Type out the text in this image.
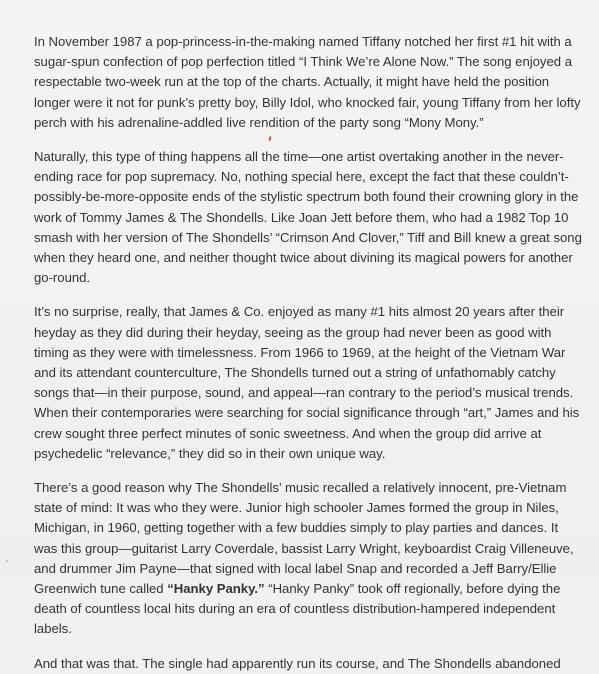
In November 1987 a pop-princess-in-the-making named Tiffany notched her first #1 hit with a sugar-spun confection of pop perfection titled “I Think We’re Alone Now.” The song enjoyed a respectable two-week run at the top of the charts. Actually, it might have held the position longer were it not for punk’s pretty boy, Billy Idol, who knocked fair, young Tiffany from her lofty perch with his adrenaline-addled live rendition of the party song “Mony Mony.”

Naturally, this type of thing happens all the time—one artist overtaking another in the never-ending race for pop supremacy. No, nothing special here, except the fact that these couldn’t-possibly-be-more-opposite ends of the stylistic spectrum both found their crowning glory in the work of Tommy James & The Shondells. Like Joan Jett before them, who had a 1982 Top 10 smash with her version of The Shondells’ “Crimson And Clover,” Tiff and Bill knew a great song when they heard one, and neither thought twice about divining its magical powers for another go-round.

It’s no surprise, really, that James & Co. enjoyed as many #1 hits almost 20 years after their heyday as they did during their heyday, seeing as the group had never been as good with timing as they were with timelessness. From 1966 to 1969, at the height of the Vietnam War and its attendant counterculture, The Shondells turned out a string of unfathomably catchy songs that—in their purpose, sound, and appeal—ran contrary to the period’s musical trends. When their contemporaries were searching for social significance through “art,” James and his crew sought three perfect minutes of sonic sweetness. And when the group did arrive at psychedelic “relevance,” they did so in their own unique way.

There’s a good reason why The Shondells’ music recalled a relatively innocent, pre-Vietnam state of mind: It was who they were. Junior high schooler James formed the group in Niles, Michigan, in 1960, getting together with a few buddies simply to play parties and dances. It was this group—guitarist Larry Coverdale, bassist Larry Wright, keyboardist Craig Villeneuve, and drummer Jim Payne—that signed with local label Snap and recorded a Jeff Barry/Ellie Greenwich tune called “Hanky Panky.” “Hanky Panky” took off regionally, before dying the death of countless local hits during an era of countless distribution-hampered independent labels.

And that was that. The single had apparently run its course, and The Shondells abandoned
